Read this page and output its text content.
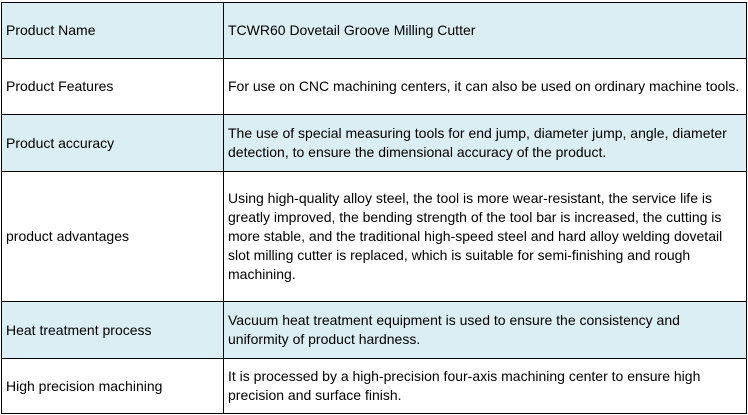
Product Name	TCWR60 Dovetail Groove Milling Cutter
Product Features	For use on CNC machining centers, it can also be used on ordinary machine tools.
Product accuracy	The use of special measuring tools for end jump, diameter jump, angle, diameter detection, to ensure the dimensional accuracy of the product.
product advantages	Using high-quality alloy steel, the tool is more wear-resistant, the service life is greatly improved, the bending strength of the tool bar is increased, the cutting is more stable, and the traditional high-speed steel and hard alloy welding dovetail slot milling cutter is replaced, which is suitable for semi-finishing and rough machining.
Heat treatment process	Vacuum heat treatment equipment is used to ensure the consistency and uniformity of product hardness.
High precision machining	It is processed by a high-precision four-axis machining center to ensure high precision and surface finish.
